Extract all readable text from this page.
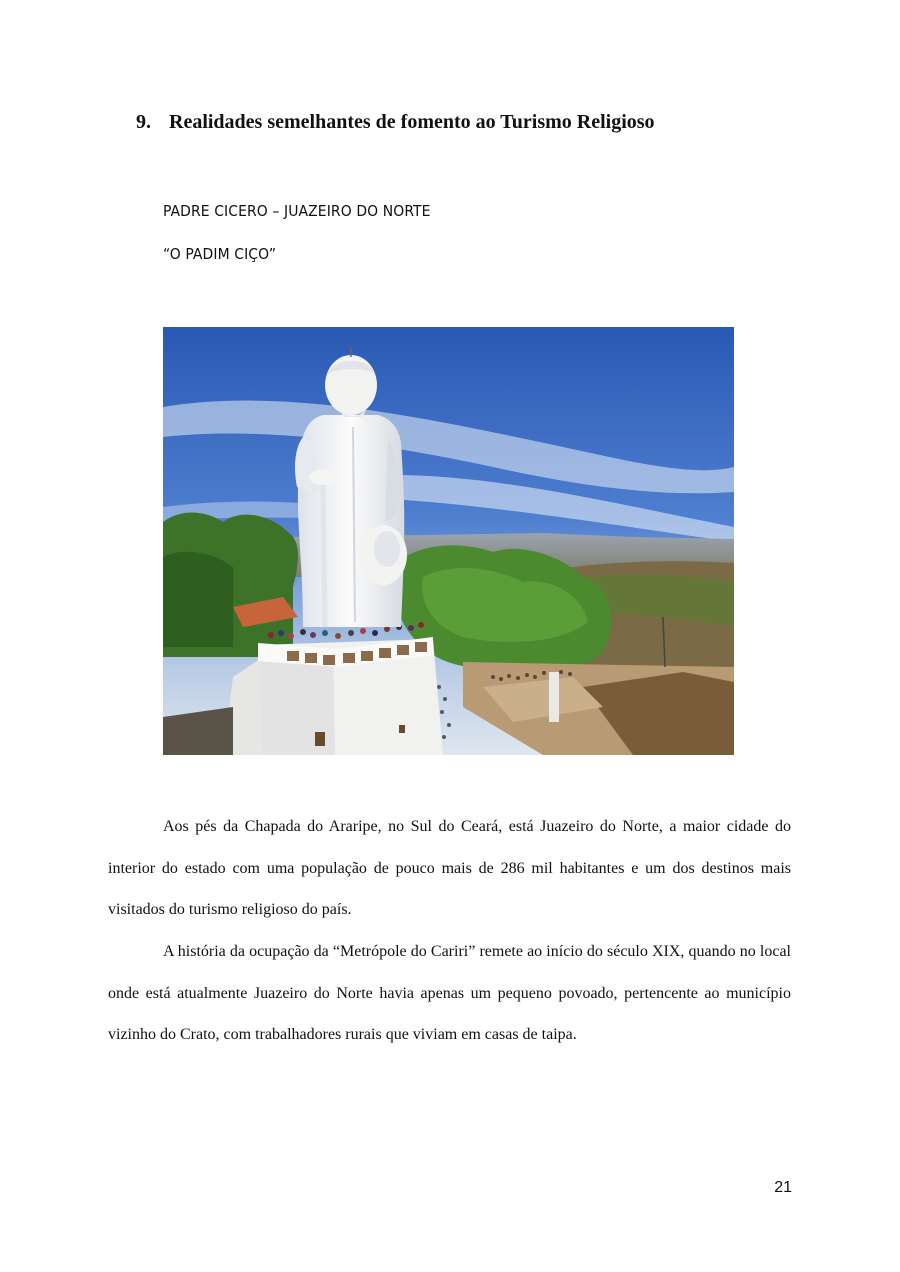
9. Realidades semelhantes de fomento ao Turismo Religioso

PADRE CICERO – JUAZEIRO DO NORTE

“O PADIM CIÇO”

Aos pés da Chapada do Araripe, no Sul do Ceará, está Juazeiro do Norte, a maior cidade do interior do estado com uma população de pouco mais de 286 mil habitantes e um dos destinos mais visitados do turismo religioso do país.

A história da ocupação da “Metrópole do Cariri” remete ao início do século XIX, quando no local onde está atualmente Juazeiro do Norte havia apenas um pequeno povoado, pertencente ao município vizinho do Crato, com trabalhadores rurais que viviam em casas de taipa.

21
